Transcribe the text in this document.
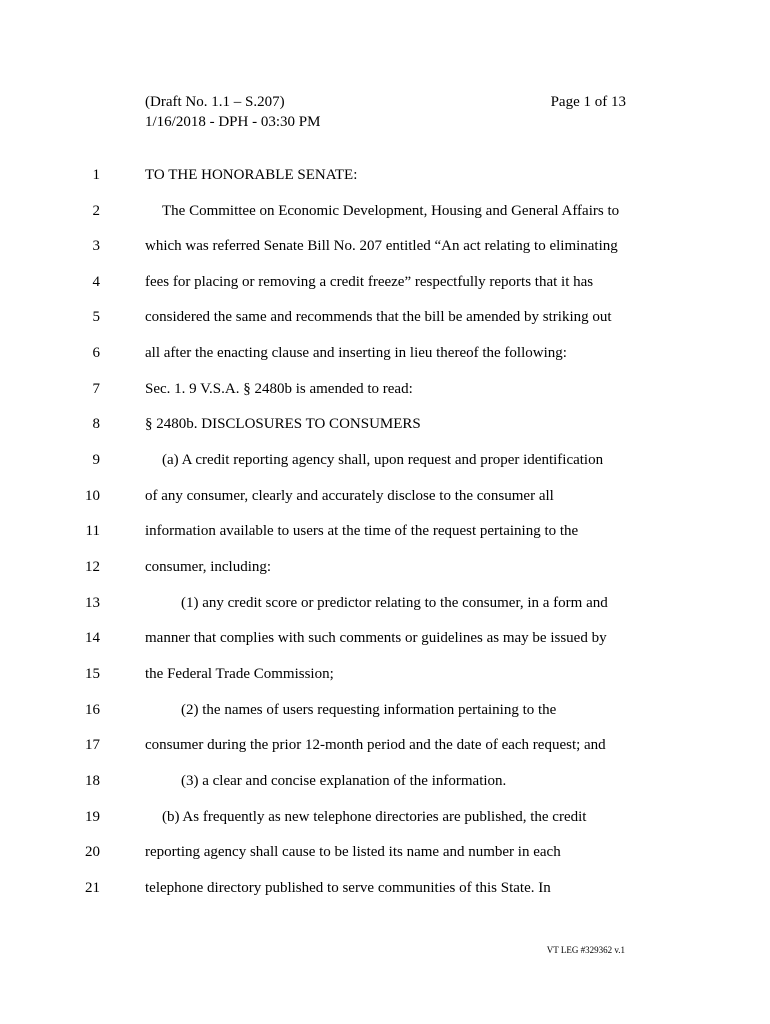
(Draft No. 1.1 – S.207)
1/16/2018 - DPH - 03:30 PM
Page 1 of 13
1	TO THE HONORABLE SENATE:
2	The Committee on Economic Development, Housing and General Affairs to
3	which was referred Senate Bill No. 207 entitled “An act relating to eliminating
4	fees for placing or removing a credit freeze” respectfully reports that it has
5	considered the same and recommends that the bill be amended by striking out
6	all after the enacting clause and inserting in lieu thereof the following:
7	Sec. 1. 9 V.S.A. § 2480b is amended to read:
8	§ 2480b. DISCLOSURES TO CONSUMERS
9	(a) A credit reporting agency shall, upon request and proper identification
10	of any consumer, clearly and accurately disclose to the consumer all
11	information available to users at the time of the request pertaining to the
12	consumer, including:
13	(1) any credit score or predictor relating to the consumer, in a form and
14	manner that complies with such comments or guidelines as may be issued by
15	the Federal Trade Commission;
16	(2) the names of users requesting information pertaining to the
17	consumer during the prior 12-month period and the date of each request; and
18	(3) a clear and concise explanation of the information.
19	(b) As frequently as new telephone directories are published, the credit
20	reporting agency shall cause to be listed its name and number in each
21	telephone directory published to serve communities of this State. In
VT LEG #329362 v.1
